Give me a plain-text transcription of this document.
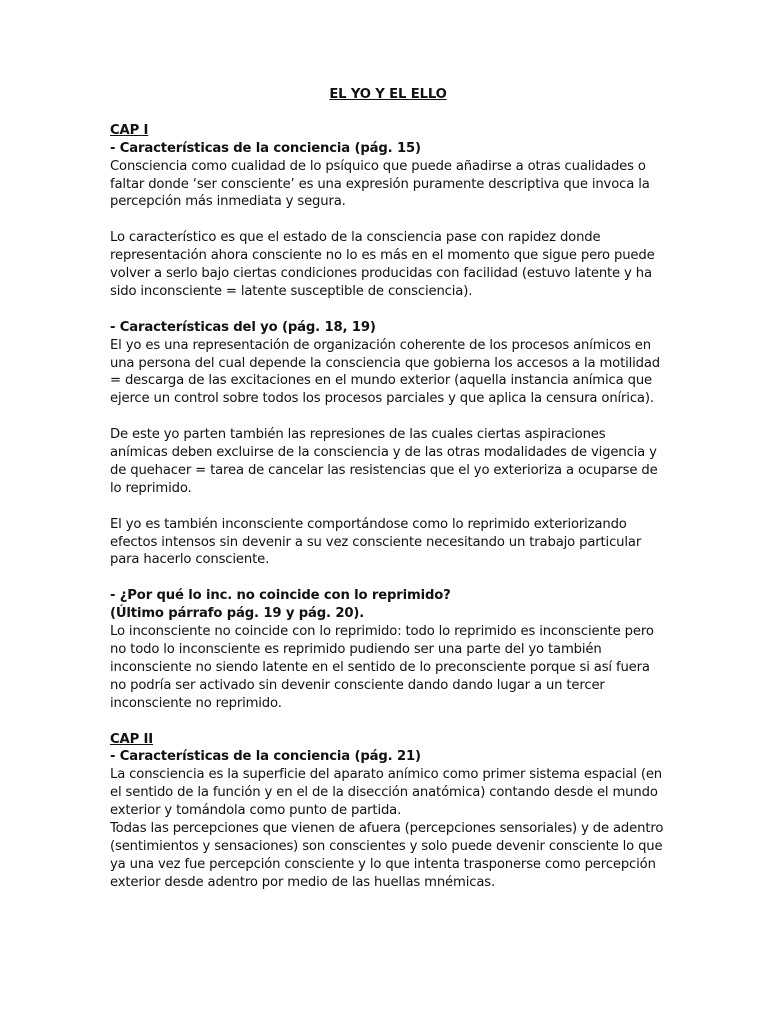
EL YO Y EL ELLO
CAP I
- Características de la conciencia (pág. 15)
Consciencia como cualidad de lo psíquico que puede añadirse a otras cualidades o faltar donde ‘ser consciente’ es una expresión puramente descriptiva que invoca la percepción más inmediata y segura.
Lo característico es que el estado de la consciencia pase con rapidez donde representación ahora consciente no lo es más en el momento que sigue pero puede volver a serlo bajo ciertas condiciones producidas con facilidad (estuvo latente y ha sido inconsciente = latente susceptible de consciencia).
- Características del yo (pág. 18, 19)
El yo es una representación de organización coherente de los procesos anímicos en una persona del cual depende la consciencia que gobierna los accesos a la motilidad = descarga de las excitaciones en el mundo exterior (aquella instancia anímica que ejerce un control sobre todos los procesos parciales y que aplica la censura onírica).
De este yo parten también las represiones de las cuales ciertas aspiraciones anímicas deben excluirse de la consciencia y de las otras modalidades de vigencia y de quehacer = tarea de cancelar las resistencias que el yo exterioriza a ocuparse de lo reprimido.
El yo es también inconsciente comportándose como lo reprimido exteriorizando efectos intensos sin devenir a su vez consciente necesitando un trabajo particular para hacerlo consciente.
- ¿Por qué lo inc. no coincide con lo reprimido?
(Último párrafo pág. 19 y pág. 20).
Lo inconsciente no coincide con lo reprimido: todo lo reprimido es inconsciente pero no todo lo inconsciente es reprimido pudiendo ser una parte del yo también inconsciente no siendo latente en el sentido de lo preconsciente porque si así fuera no podría ser activado sin devenir consciente dando dando lugar a un tercer inconsciente no reprimido.
CAP II
- Características de la conciencia (pág. 21)
La consciencia es la superficie del aparato anímico como primer sistema espacial (en el sentido de la función y en el de la disección anatómica) contando desde el mundo exterior y tomándola como punto de partida.
Todas las percepciones que vienen de afuera (percepciones sensoriales) y de adentro (sentimientos y sensaciones) son conscientes y solo puede devenir consciente lo que ya una vez fue percepción consciente y lo que intenta trasponerse como percepción exterior desde adentro por medio de las huellas mnémicas.
